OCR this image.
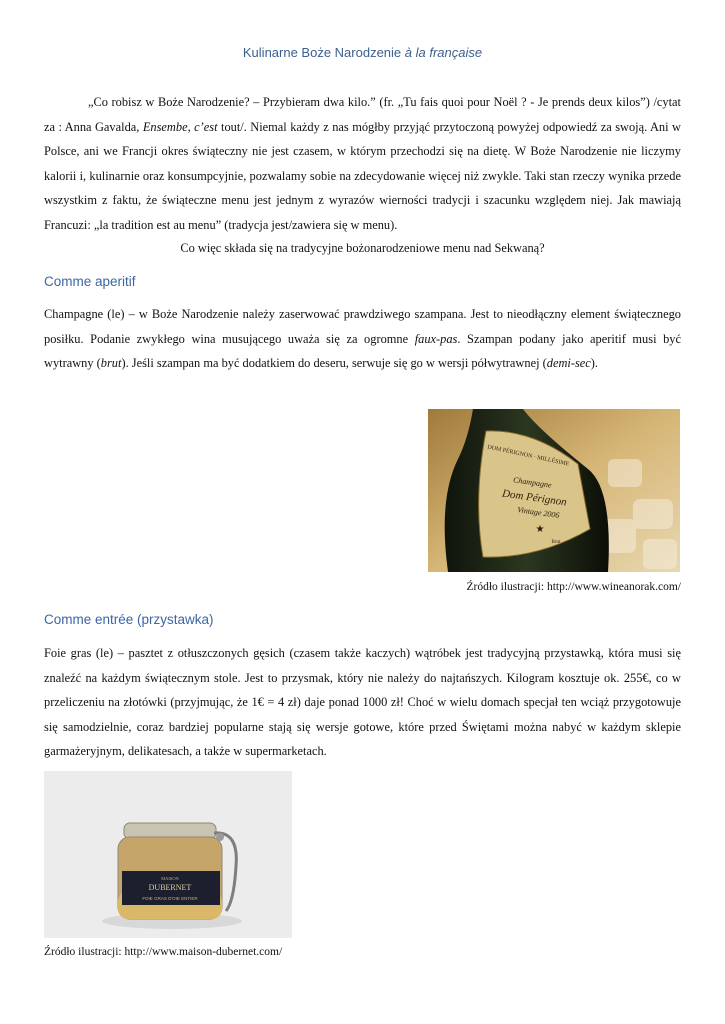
Kulinarne Boże Narodzenie à la française

„Co robisz w Boże Narodzenie? – Przybieram dwa kilo.” (fr. „Tu fais quoi pour Noël ? - Je prends deux kilos”) /cytat za : Anna Gavalda, Ensembe, c’est tout/. Niemal każdy z nas mógłby przyjąć przytoczoną powyżej odpowiedź za swoją. Ani w Polsce, ani we Francji okres świąteczny nie jest czasem, w którym przechodzi się na dietę. W Boże Narodzenie nie liczymy kalorii i, kulinarnie oraz konsumpcyjnie, pozwalamy sobie na zdecydowanie więcej niż zwykle. Taki stan rzeczy wynika przede wszystkim z faktu, że świąteczne menu jest jednym z wyrazów wierności tradycji i szacunku względem niej. Jak mawiają Francuzi: „la tradition est au menu” (tradycja jest/zawiera się w menu).

Co więc składa się na tradycyjne bożonarodzeniowe menu nad Sekwaną?
Comme aperitif

Champagne (le) – w Boże Narodzenie należy zaserwować prawdziwego szampana. Jest to nieodłączny element świątecznego posiłku. Podanie zwykłego wina musującego uważa się za ogromne faux-pas. Szampan podany jako aperitif musi być wytrawny (brut). Jeśli szampan ma być dodatkiem do deseru, serwuje się go w wersji półwytrawnej (demi-sec).

DOM PÉRIGNON · MILLÉSIME
Champagne
Dom Pérignon
Vintage 2006
★
Brut
Źródło ilustracji: http://www.wineanorak.com/
Comme entrée (przystawka)

Foie gras (le) – pasztet z otłuszczonych gęsich (czasem także kaczych) wątróbek jest tradycyjną przystawką, która musi się znaleźć na każdym świątecznym stole. Jest to przysmak, który nie należy do najtańszych. Kilogram kosztuje ok. 255€, co w przeliczeniu na złotówki (przyjmując, że 1€ = 4 zł) daje ponad 1000 zł! Choć w wielu domach specjał ten wciąż przygotowuje się samodzielnie, coraz bardziej popularne stają się wersje gotowe, które przed Świętami można nabyć w każdym sklepie garmażeryjnym, delikatesach, a także w supermarketach.

MAISON
DUBERNET
FOIE GRAS D'OIE ENTIER
Źródło ilustracji: http://www.maison-dubernet.com/
